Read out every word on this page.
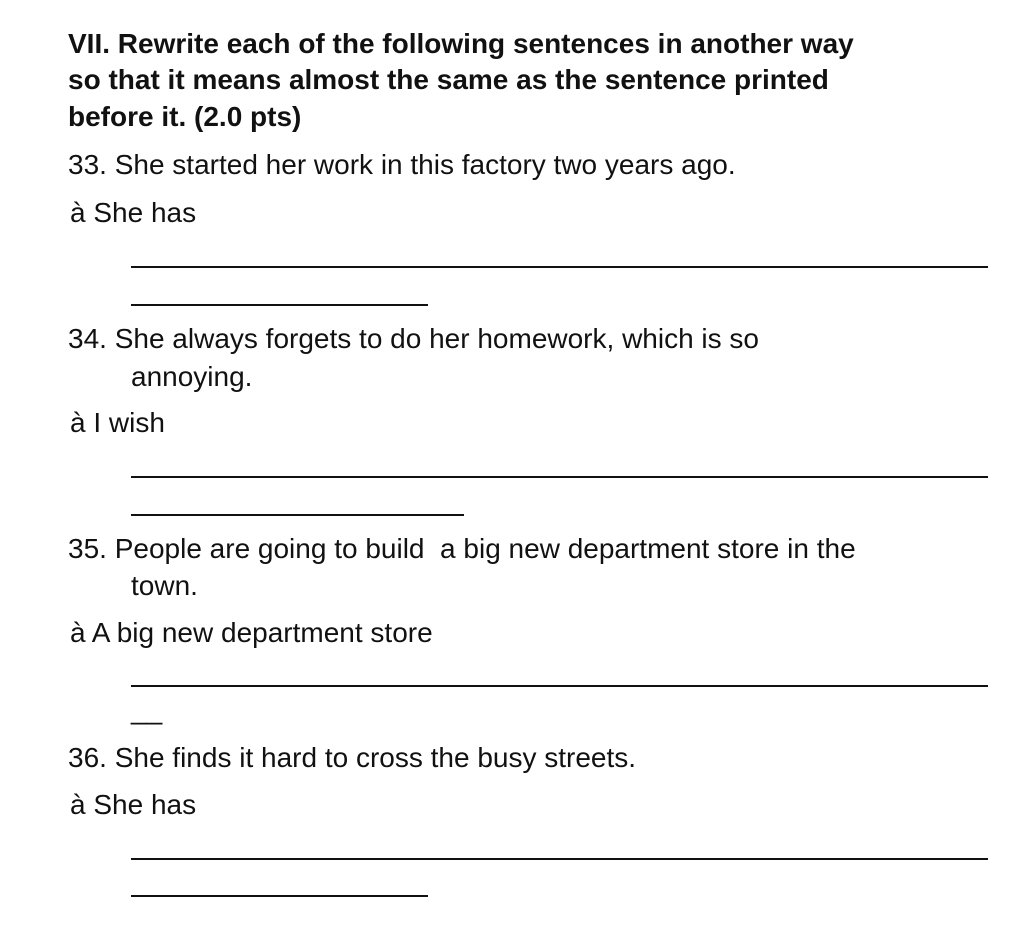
VII. Rewrite each of the following sentences in another way
so that it means almost the same as the sentence printed
before it. (2.0 pts)
33. She started her work in this factory two years ago.
à She has
34. She always forgets to do her homework, which is so
annoying.
à I wish
35. People are going to build  a big new department store in the
town.
à A big new department store
__
36. She finds it hard to cross the busy streets.
à She has
